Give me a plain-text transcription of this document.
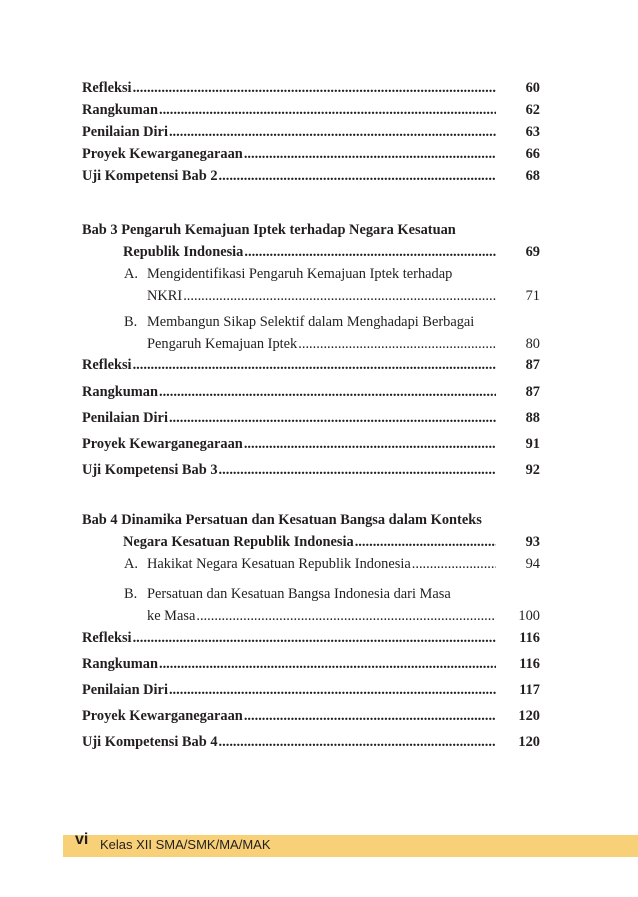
Refleksi .....	60
Rangkuman .....	62
Penilaian Diri .....	63
Proyek Kewarganegaraan .....	66
Uji Kompetensi Bab 2 .....	68
Bab 3 Pengaruh Kemajuan Iptek terhadap Negara Kesatuan
Republik Indonesia .....	69
A. Mengidentifikasi Pengaruh Kemajuan Iptek terhadap
NKRI .....	71
B. Membangun Sikap Selektif dalam Menghadapi Berbagai
Pengaruh Kemajuan Iptek .....	80
Refleksi .....	87
Rangkuman .....	87
Penilaian Diri .....	88
Proyek Kewarganegaraan .....	91
Uji Kompetensi Bab 3 .....	92
Bab 4 Dinamika Persatuan dan Kesatuan Bangsa dalam Konteks
Negara Kesatuan Republik Indonesia .....	93
A. Hakikat Negara Kesatuan Republik Indonesia .....	94
B. Persatuan dan Kesatuan Bangsa Indonesia dari Masa
ke Masa .....	100
Refleksi .....	116
Rangkuman .....	116
Penilaian Diri .....	117
Proyek Kewarganegaraan .....	120
Uji Kompetensi Bab 4 .....	120
vi Kelas XII SMA/SMK/MA/MAK
